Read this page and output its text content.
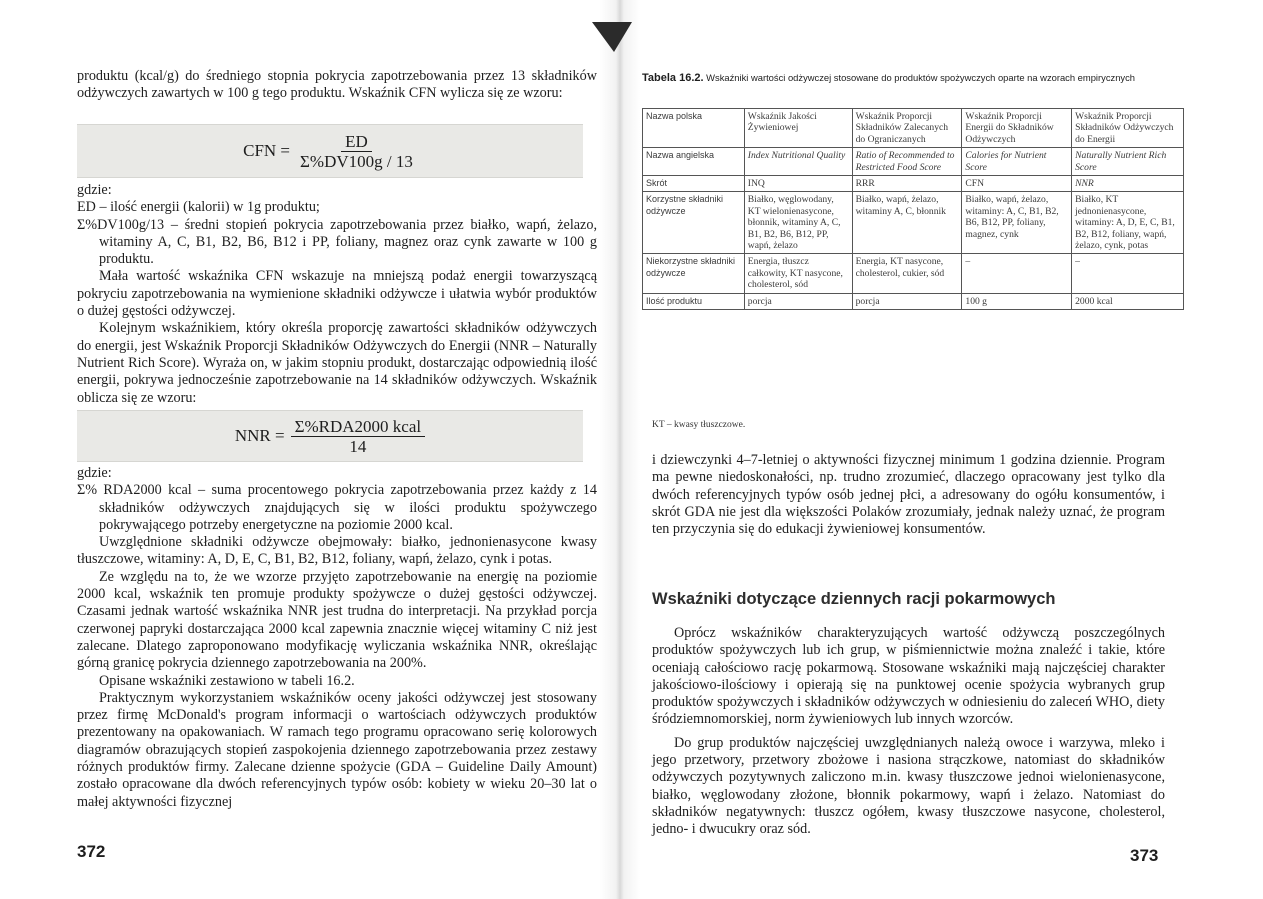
produktu (kcal/g) do średniego stopnia pokrycia zapotrzebowania przez 13 składników odżywczych zawartych w 100 g tego produktu. Wskaźnik CFN wylicza się ze wzoru:

CFN = $\frac{ED}{\Sigma\%DV100g / 13}$

gdzie:

ED – ilość energii (kalorii) w 1g produktu;

Σ%DV100g/13 – średni stopień pokrycia zapotrzebowania przez białko, wapń, żelazo, witaminy A, C, B1, B2, B6, B12 i PP, foliany, magnez oraz cynk zawarte w 100 g produktu.

Mała wartość wskaźnika CFN wskazuje na mniejszą podaż energii towarzyszącą pokryciu zapotrzebowania na wymienione składniki odżywcze i ułatwia wybór produktów o dużej gęstości odżywczej.

Kolejnym wskaźnikiem, który określa proporcję zawartości składników odżywczych do energii, jest Wskaźnik Proporcji Składników Odżywczych do Energii (NNR – Naturally Nutrient Rich Score). Wyraża on, w jakim stopniu produkt, dostarczając odpowiednią ilość energii, pokrywa jednocześnie zapotrzebowanie na 14 składników odżywczych. Wskaźnik oblicza się ze wzoru:

NNR = $\frac{\text{Σ\%RDA2000 kcal}}{14}$

gdzie:

Σ% RDA2000 kcal – suma procentowego pokrycia zapotrzebowania przez każdy z 14 składników odżywczych znajdujących się w ilości produktu spożywczego pokrywającego potrzeby energetyczne na poziomie 2000 kcal.

Uwzględnione składniki odżywcze obejmowały: białko, jednonienasycone kwasy tłuszczowe, witaminy: A, D, E, C, B1, B2, B12, foliany, wapń, żelazo, cynk i potas.

Ze względu na to, że we wzorze przyjęto zapotrzebowanie na energię na poziomie 2000 kcal, wskaźnik ten promuje produkty spożywcze o dużej gęstości odżywczej. Czasami jednak wartość wskaźnika NNR jest trudna do interpretacji. Na przykład porcja czerwonej papryki dostarczająca 2000 kcal zapewnia znacznie więcej witaminy C niż jest zalecane. Dlatego zaproponowano modyfikację wyliczania wskaźnika NNR, określając górną granicę pokrycia dziennego zapotrzebowania na 200%.

Opisane wskaźniki zestawiono w tabeli 16.2.

Praktycznym wykorzystaniem wskaźników oceny jakości odżywczej jest stosowany przez firmę McDonald's program informacji o wartościach odżywczych produktów prezentowany na opakowaniach. W ramach tego programu opracowano serię kolorowych diagramów obrazujących stopień zaspokojenia dziennego zapotrzebowania przez zestawy różnych produktów firmy. Zalecane dzienne spożycie (GDA – Guideline Daily Amount) zostało opracowane dla dwóch referencyjnych typów osób: kobiety w wieku 20–30 lat o małej aktywności fizycznej

372
Tabela 16.2. Wskaźniki wartości odżywczej stosowane do produktów spożywczych oparte na wzorach empirycznych
Nazwa polska	Wskaźnik Jakości Żywieniowej	Wskaźnik Proporcji Składników Zalecanych do Ograniczanych	Wskaźnik Proporcji Energii do Składników Odżywczych	Wskaźnik Proporcji Składników Odżywczych do Energii
Nazwa angielska	Index Nutritional Quality	Ratio of Recommended to Restricted Food Score	Calories for Nutrient Score	Naturally Nutrient Rich Score
Skrót	INQ	RRR	CFN	NNR
Korzystne składniki odżywcze	Białko, węglowodany, KT wielonienasycone, błonnik, witaminy A, C, B1, B2, B6, B12, PP, wapń, żelazo	Białko, wapń, żelazo, witaminy A, C, błonnik	Białko, wapń, żelazo, witaminy: A, C, B1, B2, B6, B12, PP, foliany, magnez, cynk	Białko, KT jednonienasycone, witaminy: A, D, E, C, B1, B2, B12, foliany, wapń, żelazo, cynk, potas
Niekorzystne składniki odżywcze	Energia, tłuszcz całkowity, KT nasycone, cholesterol, sód	Energia, KT nasycone, cholesterol, cukier, sód	–	–
Ilość produktu	porcja	porcja	100 g	2000 kcal
KT – kwasy tłuszczowe.

i dziewczynki 4–7-letniej o aktywności fizycznej minimum 1 godzina dziennie. Program ma pewne niedoskonałości, np. trudno zrozumieć, dlaczego opracowany jest tylko dla dwóch referencyjnych typów osób jednej płci, a adresowany do ogółu konsumentów, i skrót GDA nie jest dla większości Polaków zrozumiały, jednak należy uznać, że program ten przyczynia się do edukacji żywieniowej konsumentów.

Wskaźniki dotyczące dziennych racji pokarmowych

Oprócz wskaźników charakteryzujących wartość odżywczą poszczególnych produktów spożywczych lub ich grup, w piśmiennictwie można znaleźć i takie, które oceniają całościowo rację pokarmową. Stosowane wskaźniki mają najczęściej charakter jakościowo-ilościowy i opierają się na punktowej ocenie spożycia wybranych grup produktów spożywczych i składników odżywczych w odniesieniu do zaleceń WHO, diety śródziemnomorskiej, norm żywieniowych lub innych wzorców.

Do grup produktów najczęściej uwzględnianych należą owoce i warzywa, mleko i jego przetwory, przetwory zbożowe i nasiona strączkowe, natomiast do składników odżywczych pozytywnych zaliczono m.in. kwasy tłuszczowe jednoi wielonienasycone, białko, węglowodany złożone, błonnik pokarmowy, wapń i żelazo. Natomiast do składników negatywnych: tłuszcz ogółem, kwasy tłuszczowe nasycone, cholesterol, jedno- i dwucukry oraz sód.

373
